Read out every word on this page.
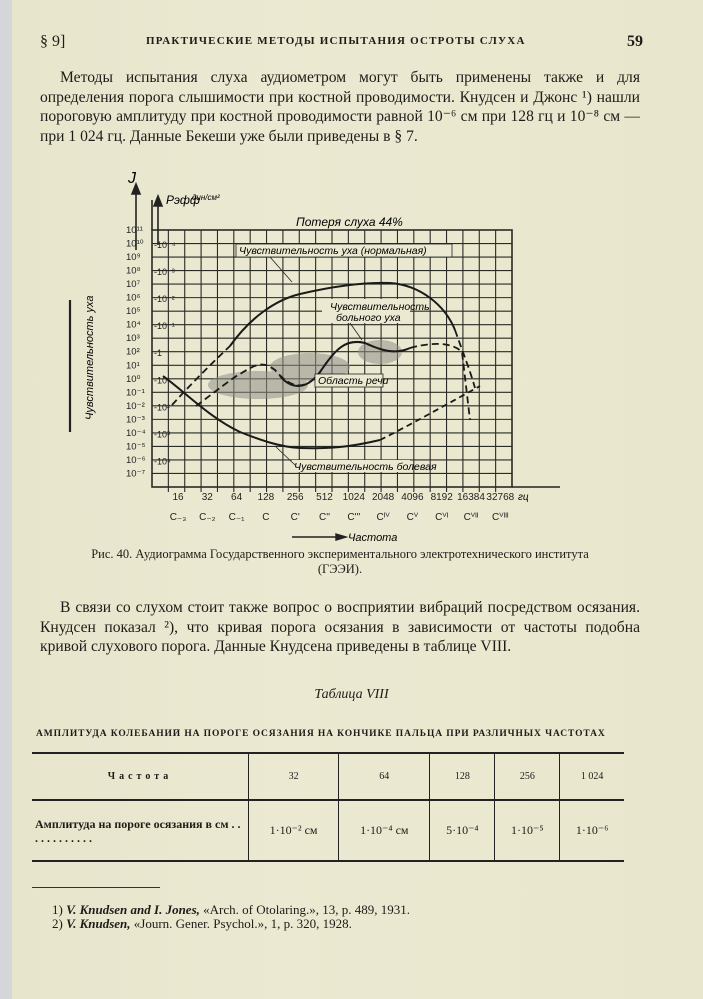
§ 9]	ПРАКТИЧЕСКИЕ МЕТОДЫ ИСПЫТАНИЯ ОСТРОТЫ СЛУХА	59

Методы испытания слуха аудиометром могут быть применены также и для определения порога слышимости при костной проводимости. Кнудсен и Джонс ¹) нашли пороговую амплитуду при костной проводимости равной 10⁻⁶ см при 128 гц и 10⁻⁸ см — при 1 024 гц. Данные Бекеши уже были приведены в § 7.

J
Pэфф
дин/см²
Чувствительность уха
Потеря слуха 44%
10¹¹
10¹⁰
10⁹
10⁸
10⁷
10⁶
10⁵
10⁴
10³
10²
10¹
10⁰
10⁻¹
10⁻²
10⁻³
10⁻⁴
10⁻⁵
10⁻⁶
10⁻⁷
-10⁻⁴
-10⁻³
-10⁻²
-10⁻¹
-1
-10¹
-10²
-10³
-10⁴
Чувствительность уха (нормальная)
Чувствительность
больного уха
Область речи
Чувствительность болевая
16 32 64 128 256 512 1024 2048 4096 8192 16384 32768
C₋₃ C₋₂ C₋₁ C C' C'' C''' Cᴵⱽ Cⱽ Cⱽᴵ Cⱽᴵᴵ Cⱽᴵᴵᴵ
гц
Частота
Рис. 40. Аудиограмма Государственного экспериментального электротехнического института (ГЭЭИ).

В связи со слухом стоит также вопрос о восприятии вибраций посредством осязания. Кнудсен показал ²), что кривая порога осязания в зависимости от частоты подобна кривой слухового порога. Данные Кнудсена приведены в таблице VIII.

Таблица VIII
АМПЛИТУДА КОЛЕБАНИЙ НА ПОРОГЕ ОСЯЗАНИЯ НА КОНЧИКЕ ПАЛЬЦА ПРИ РАЗЛИЧНЫХ ЧАСТОТАХ
Частота	32	64	128	256	1 024
Амплитуда на пороге осязания в см . . . . . . . . . . . .	1·10⁻² см	1·10⁻⁴ см	5·10⁻⁴	1·10⁻⁵	1·10⁻⁶
1) V. Knudsen and I. Jones, «Arch. of Otolaring.», 13, p. 489, 1931.
2) V. Knudsen, «Journ. Gener. Psychol.», 1, p. 320, 1928.
